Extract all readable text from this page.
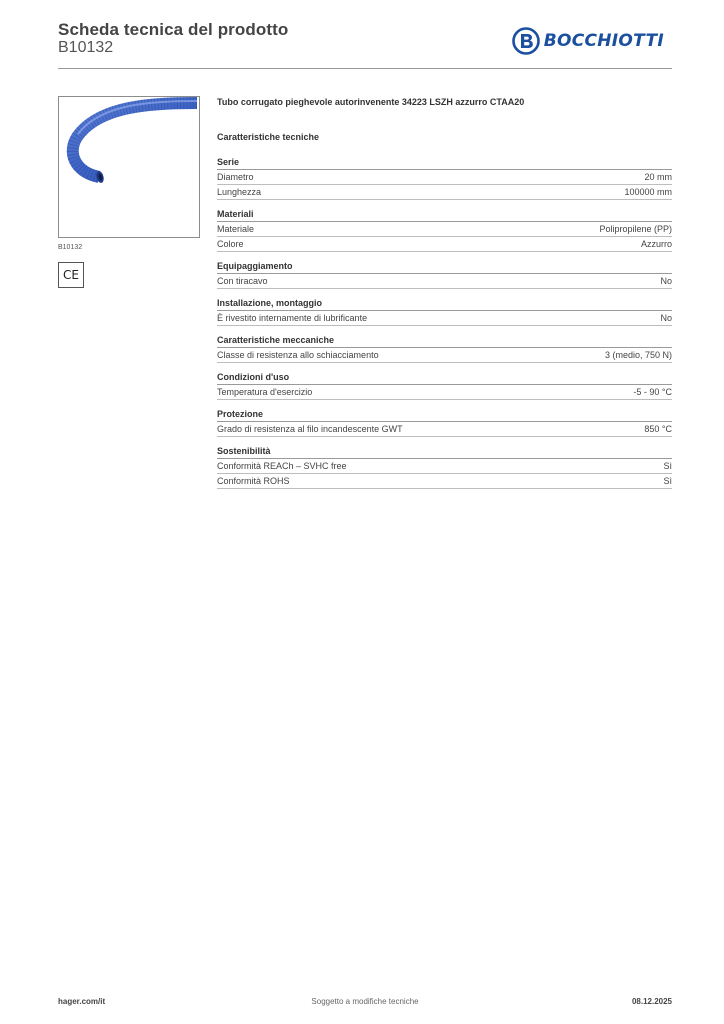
Scheda tecnica del prodotto
B10132	BOCCHIOTTI
B10132
CE
Tubo corrugato pieghevole autorinvenente 34223 LSZH azzurro CTAA20
Caratteristiche tecniche
Serie
Diametro	20 mm
Lunghezza	100000 mm
Materiali
Materiale	Polipropilene (PP)
Colore	Azzurro
Equipaggiamento
Con tiracavo	No
Installazione, montaggio
È rivestito internamente di lubrificante	No
Caratteristiche meccaniche
Classe di resistenza allo schiacciamento	3 (medio, 750 N)
Condizioni d'uso
Temperatura d'esercizio	-5 - 90 °C
Protezione
Grado di resistenza al filo incandescente GWT	850 °C
Sostenibilità
Conformità REACh – SVHC free	Sì
Conformità ROHS	Sì
hager.com/it	Soggetto a modifiche tecniche	08.12.2025
